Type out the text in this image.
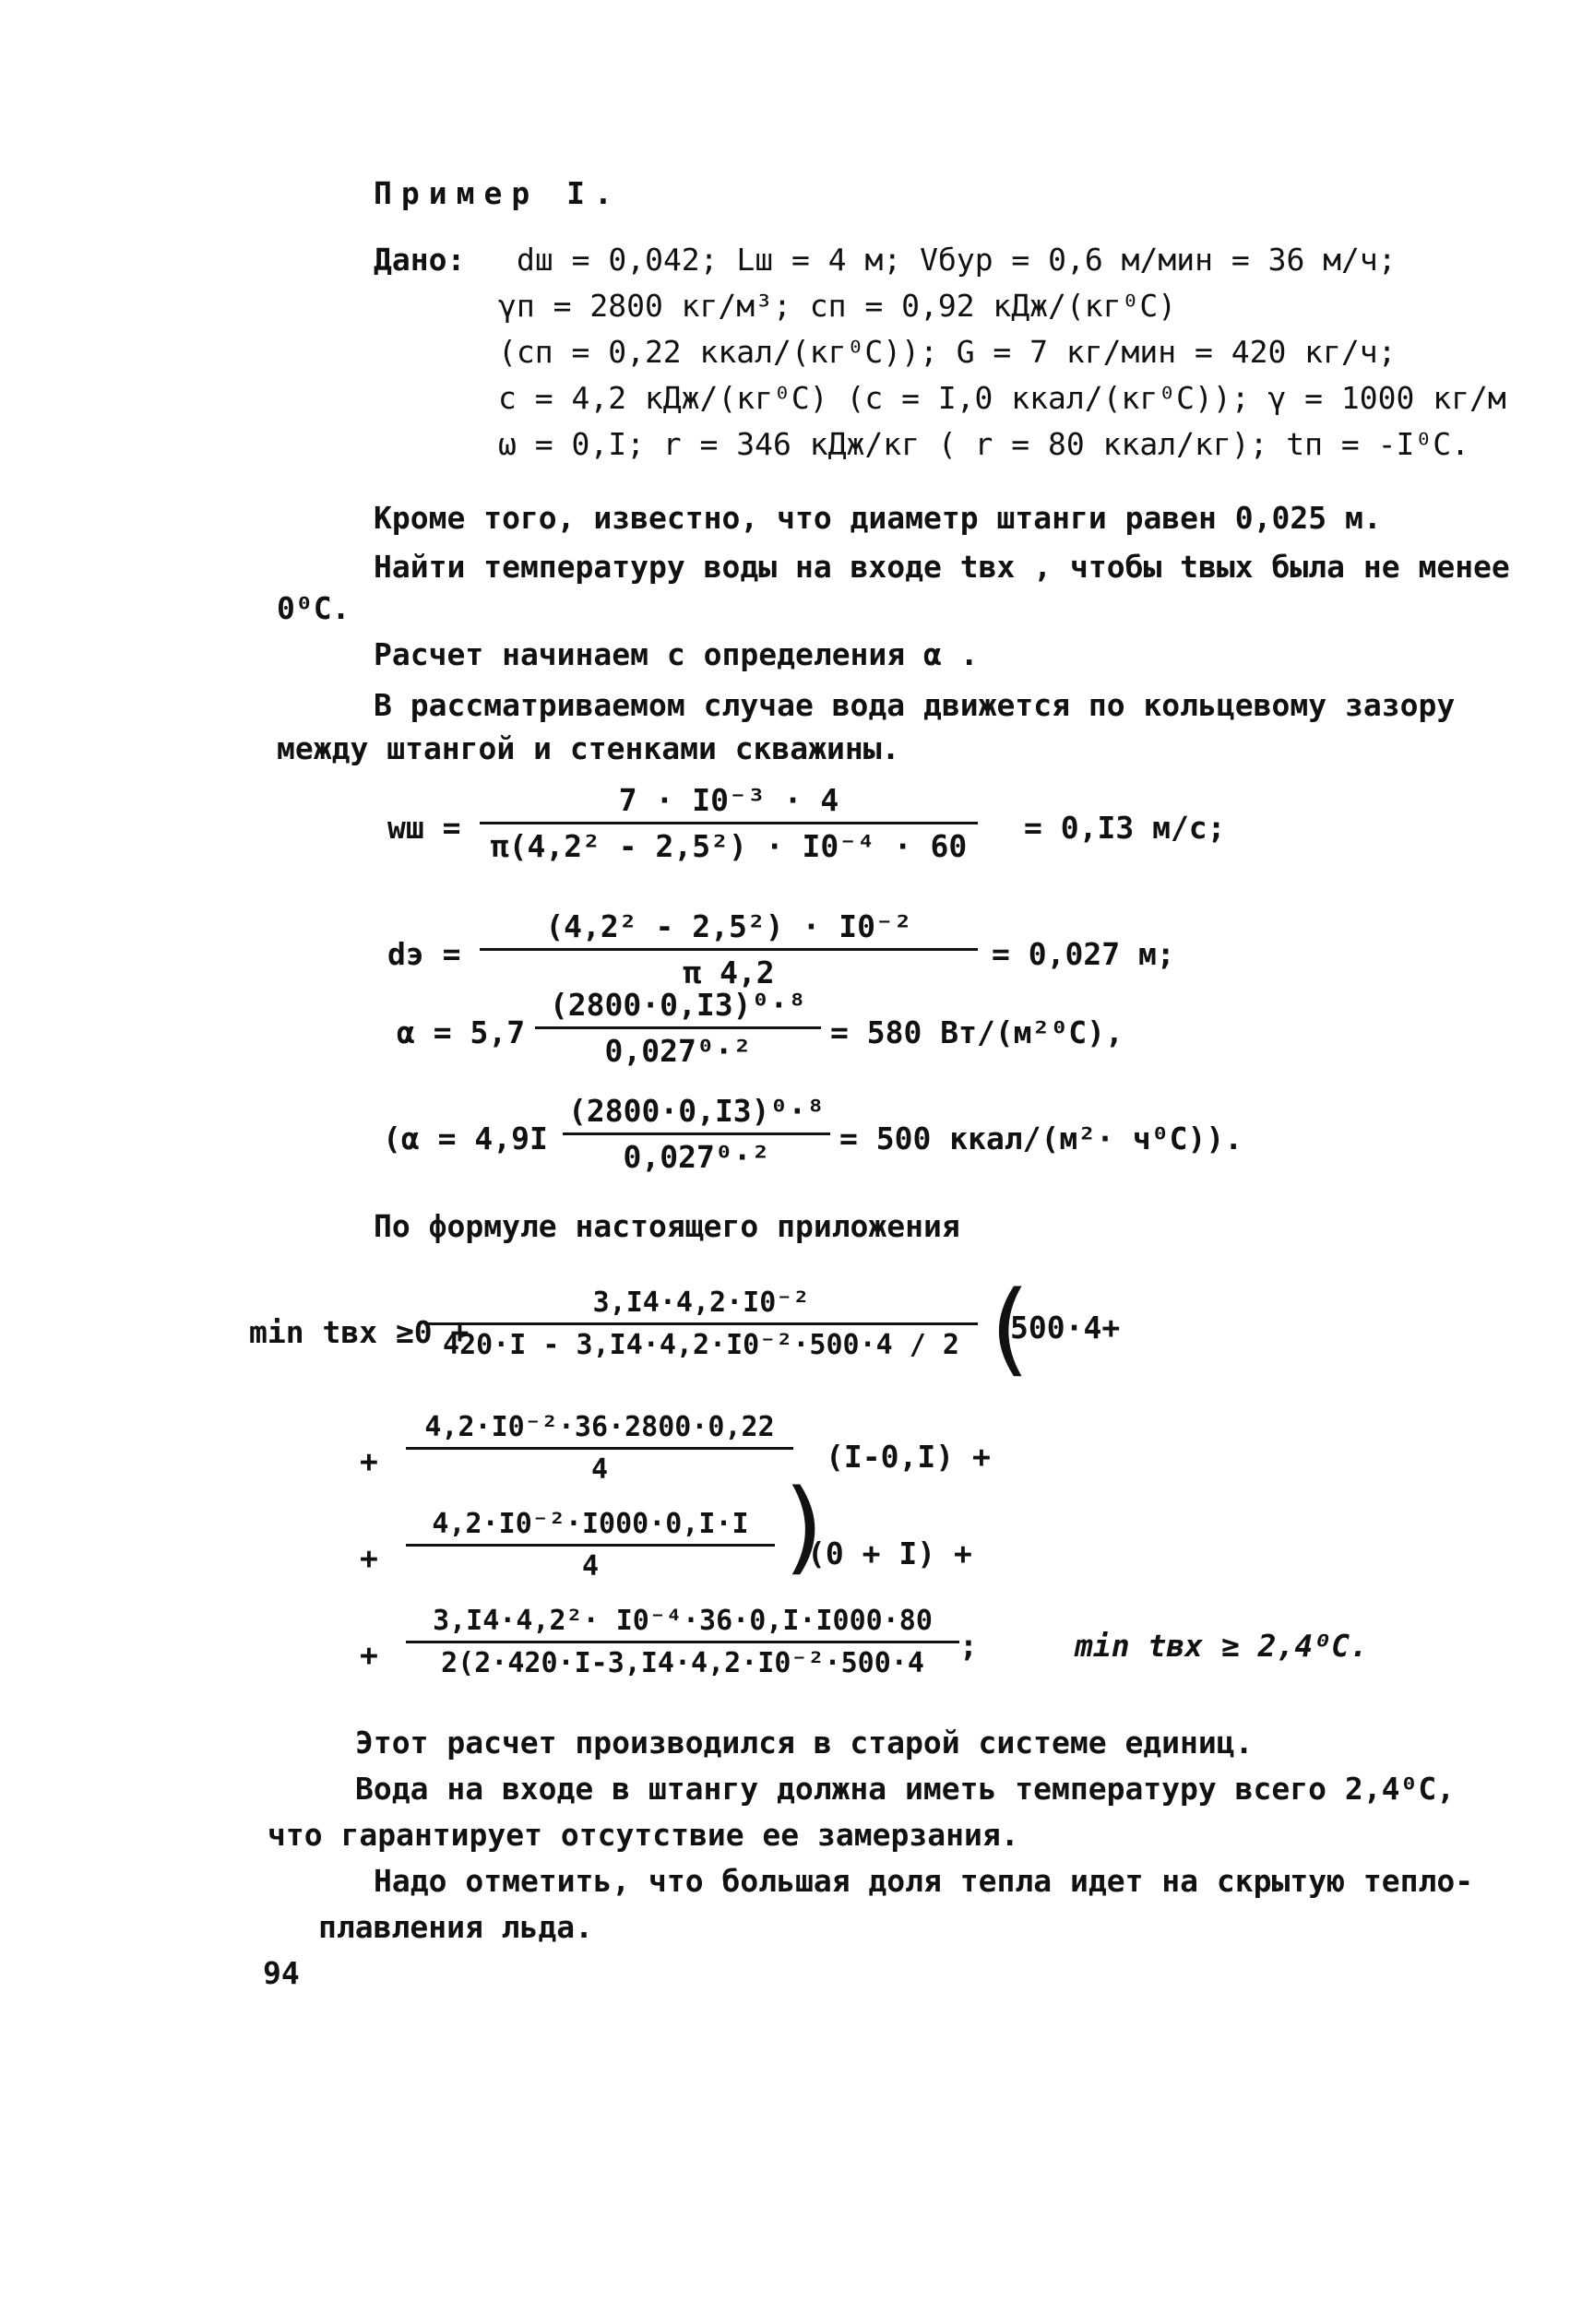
Пример I.
Дано: dш = 0,042; Lш = 4 м; Vбур = 0,6 м/мин = 36 м/ч;
γп = 2800 кг/м³; сп = 0,92 кДж/(кг⁰С)
(сп = 0,22 ккал/(кг⁰С)); G = 7 кг/мин = 420 кг/ч;
с = 4,2 кДж/(кг⁰С) (с = I,0 ккал/(кг⁰С)); γ = 1000 кг/м
ω = 0,I; r = 346 кДж/кг ( r = 80 ккал/кг); tп = -I⁰С.
Кроме того, известно, что диаметр штанги равен 0,025 м.
Найти температуру воды на входе tвх , чтобы tвых была не менее
0⁰С.
Расчет начинаем с определения α .
В рассматриваемом случае вода движется по кольцевому зазору
между штангой и стенками скважины.
wш = $\frac{\text{7 · I0⁻³ · 4}}{\text{π(4,2² - 2,5²) · I0⁻⁴ · 60}} = 0,I3$ м/с;
dэ = $\frac{\text{(4,2² - 2,5²) · I0⁻²}}{\pi 4,2} = 0,027$ м;
$\alpha = 5,7 \frac{\text{(2800·0,I3)⁰·⁸}}{\text{0,027⁰·²}} = 580$ Вт/(м²⁰С),
($\alpha = 4,9I \frac{\text{(2800·0,I3)⁰·⁸}}{\text{0,027⁰·²}} = 500$ ккал/(м²· ч⁰С)).
По формуле настоящего приложения
min tвх ≥0 +
$\frac{\text{3,I4·4,2·I0⁻²}}{\text{420·I - 3,I4·4,2·I0⁻²·500·4 / 2}}$ (
500·4+
+ $\frac{\text{4,2·I0⁻²·36·2800·0,22}}{4} (I-0,I)$ +
+ $\frac{\text{4,2·I0⁻²·I000·0,I·I}}{4}$ )
(0 + I) +
+ $\frac{\text{3,I4·4,2²· I0⁻⁴·36·0,I·I000·80}}{\text{2(2·420·I-3,I4·4,2·I0⁻²·500·4}}$ ;	min tвх ≥ 2,4⁰С.
Этот расчет производился в старой системе единиц.
Вода на входе в штангу должна иметь температуру всего 2,4⁰С,
что гарантирует отсутствие ее замерзания.
Надо отметить, что большая доля тепла идет на скрытую тепло-
плавления льда.
94
